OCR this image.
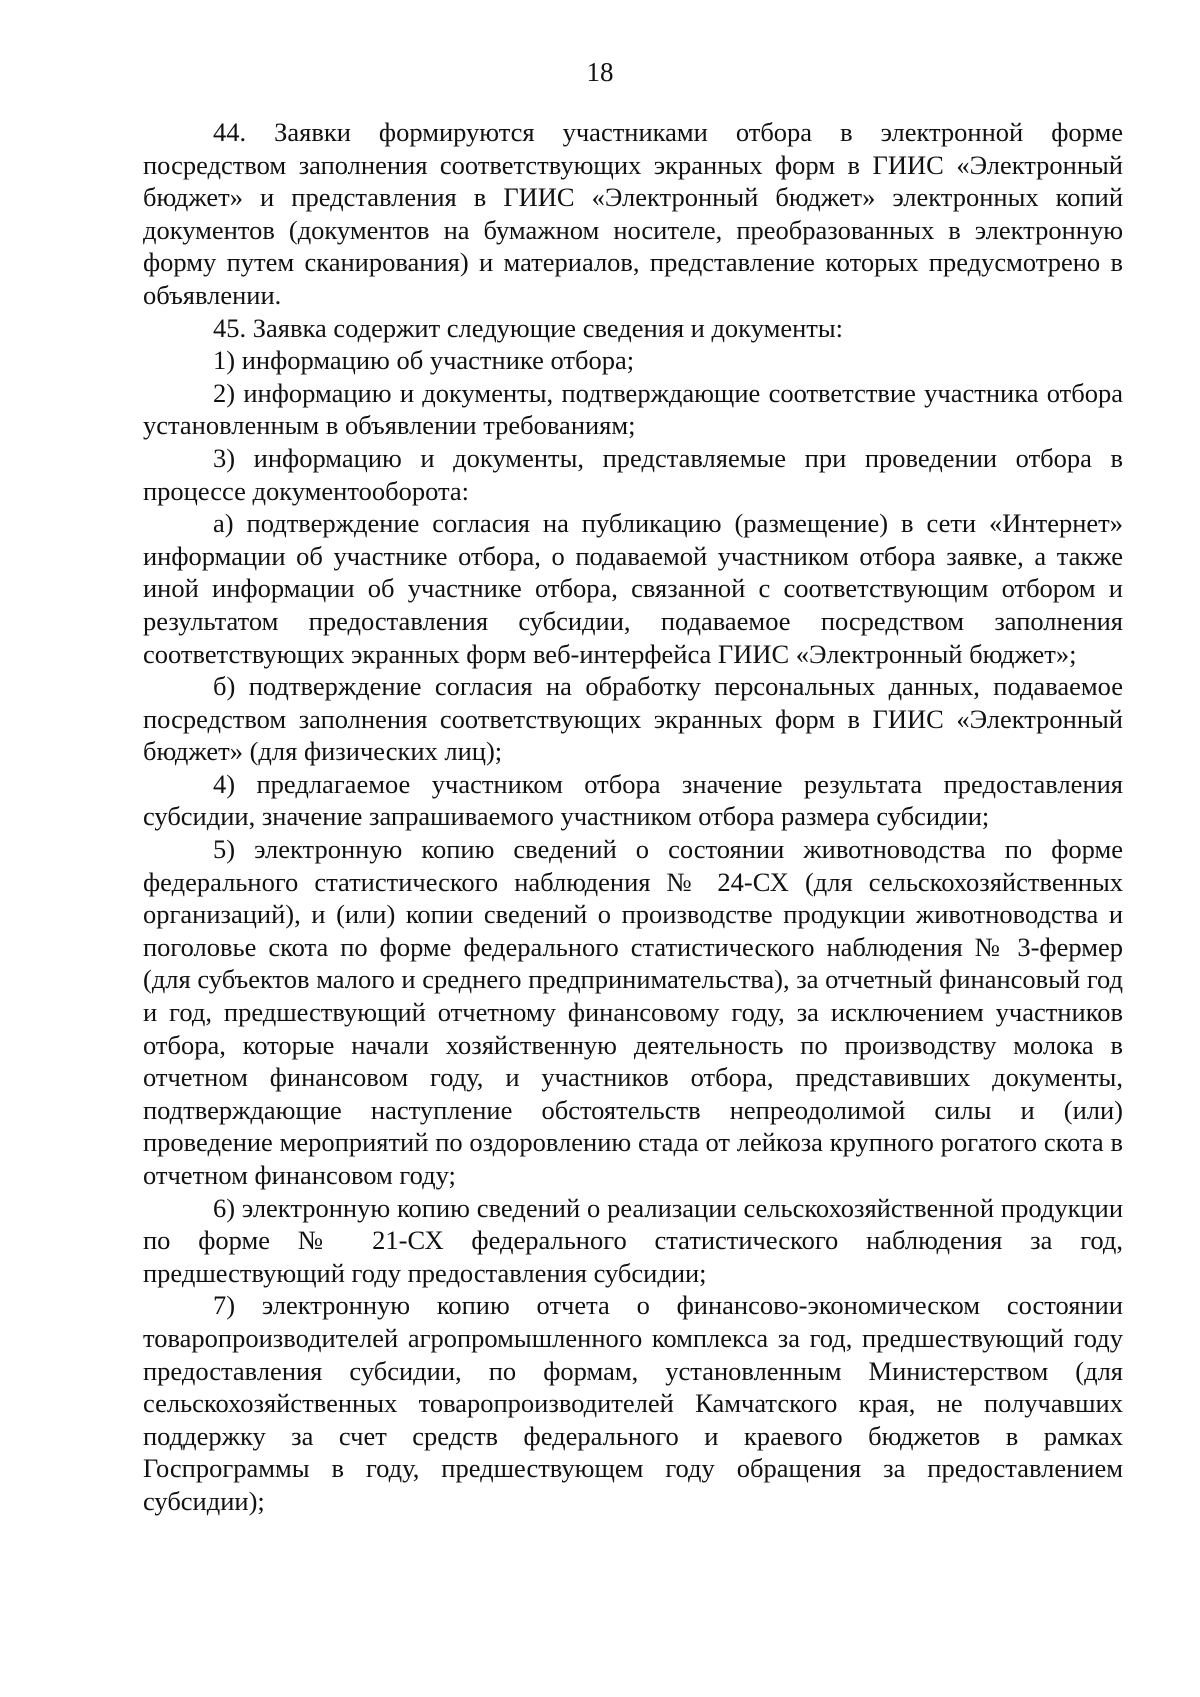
18

44. Заявки формируются участниками отбора в электронной форме посредством заполнения соответствующих экранных форм в ГИИС «Электронный бюджет» и представления в ГИИС «Электронный бюджет» электронных копий документов (документов на бумажном носителе, преобразованных в электронную форму путем сканирования) и материалов, представление которых предусмотрено в объявлении.

45. Заявка содержит следующие сведения и документы:

1) информацию об участнике отбора;

2) информацию и документы, подтверждающие соответствие участника отбора установленным в объявлении требованиям;

3) информацию и документы, представляемые при проведении отбора в процессе документооборота:

а) подтверждение согласия на публикацию (размещение) в сети «Интернет» информации об участнике отбора, о подаваемой участником отбора заявке, а также иной информации об участнике отбора, связанной с соответствующим отбором и результатом предоставления субсидии, подаваемое посредством заполнения соответствующих экранных форм веб-интерфейса ГИИС «Электронный бюджет»;

б) подтверждение согласия на обработку персональных данных, подаваемое посредством заполнения соответствующих экранных форм в ГИИС «Электронный бюджет» (для физических лиц);

4) предлагаемое участником отбора значение результата предоставления субсидии, значение запрашиваемого участником отбора размера субсидии;

5) электронную копию сведений о состоянии животноводства по форме федерального статистического наблюдения № 24-СХ (для сельскохозяйственных организаций), и (или) копии сведений о производстве продукции животноводства и поголовье скота по форме федерального статистического наблюдения № 3-фермер (для субъектов малого и среднего предпринимательства), за отчетный финансовый год и год, предшествующий отчетному финансовому году, за исключением участников отбора, которые начали хозяйственную деятельность по производству молока в отчетном финансовом году, и участников отбора, представивших документы, подтверждающие наступление обстоятельств непреодолимой силы и (или) проведение мероприятий по оздоровлению стада от лейкоза крупного рогатого скота в отчетном финансовом году;

6) электронную копию сведений о реализации сельскохозяйственной продукции по форме № 21-СХ федерального статистического наблюдения за год, предшествующий году предоставления субсидии;

7) электронную копию отчета о финансово-экономическом состоянии товаропроизводителей агропромышленного комплекса за год, предшествующий году предоставления субсидии, по формам, установленным Министерством (для сельскохозяйственных товаропроизводителей Камчатского края, не получавших поддержку за счет средств федерального и краевого бюджетов в рамках Госпрограммы в году, предшествующем году обращения за предоставлением субсидии);
